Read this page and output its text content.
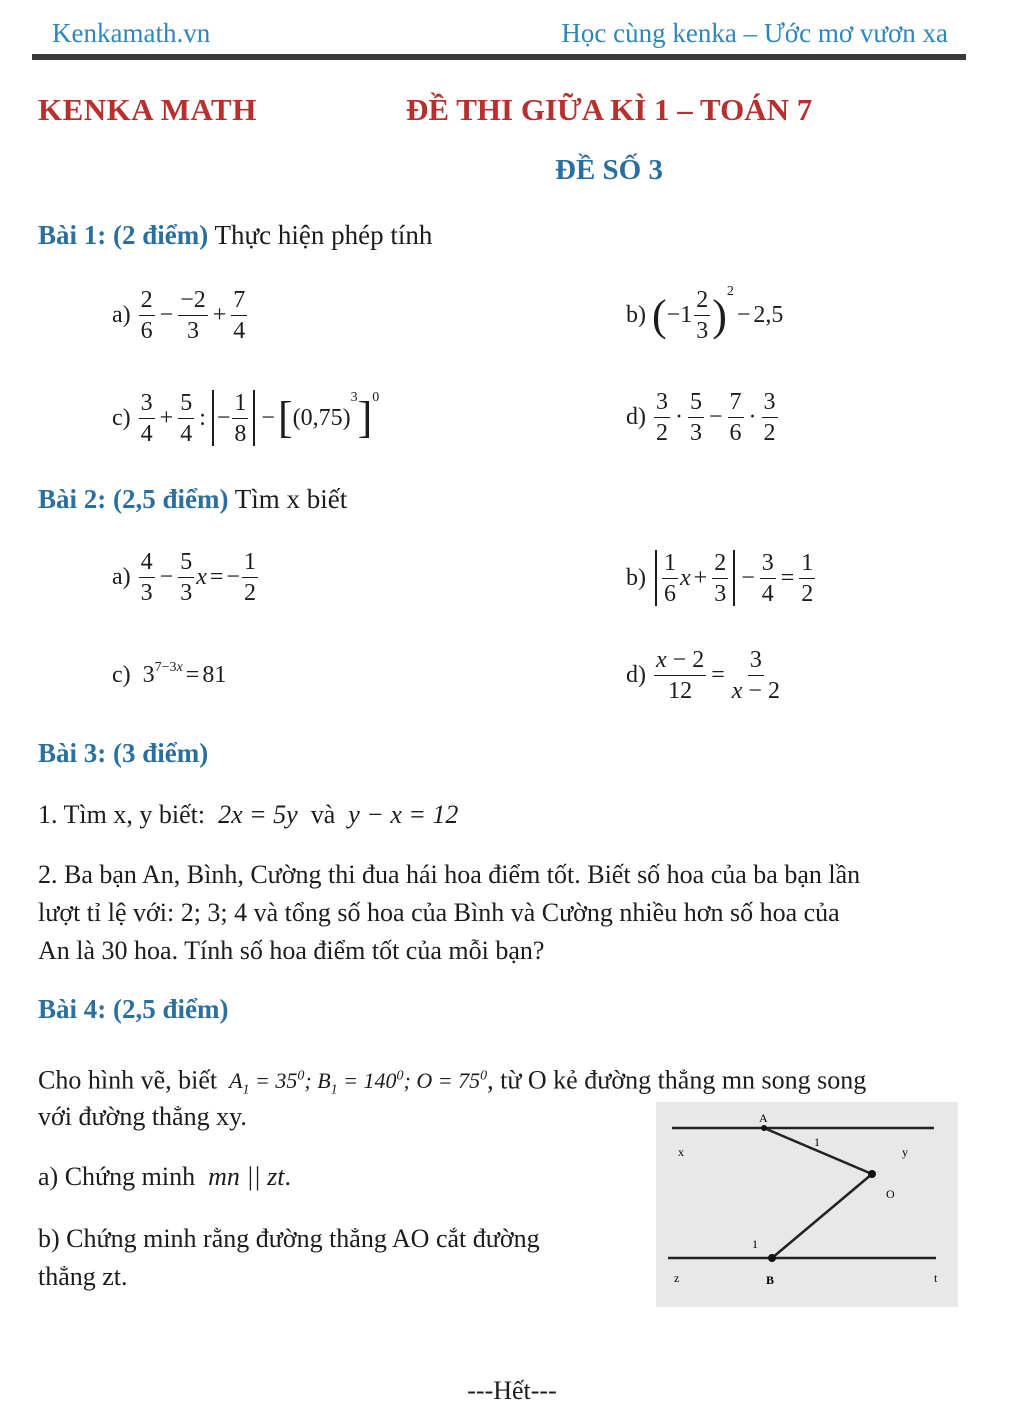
Kenkamath.vn	Học cùng kenka – Ước mơ vươn xa
KENKA MATH	ĐỀ THI GIỮA KÌ 1 – TOÁN 7
ĐỀ SỐ 3
Bài 1: (2 điểm) Thực hiện phép tính
a)
$\frac{2}{6} - \frac{-2}{3} + \frac{7}{4}$	b)
( $-1 \frac{2}{3} )^2$
− 2,5
c)
$\frac{3}{4} + \frac{5}{4}$ : − $\frac{1}{8}$ − [ (0,75)
$^3$ ]$^0$
d)
$\frac{3}{2} \cdot \frac{5}{3} - \frac{7}{6} \cdot \frac{3}{2}$
Bài 2: (2,5 điểm) Tìm x biết
a)
$\frac{4}{3} - \frac{5}{3}$ x = − $\frac{1}{2}$	b)
$\frac{1}{6}$ $x + \frac{2}{3} - \frac{3}{4} = \frac{1}{2}$
c) $3^{7-3x} = 81$	d)
$\frac{x - 2}{12} = \frac{3}{x - 2}$
Bài 3: (3 điểm)
1. Tìm x, y biết:  2x = 5y  và  y − x = 12
2. Ba bạn An, Bình, Cường thi đua hái hoa điểm tốt. Biết số hoa của ba bạn lần
lượt tỉ lệ với: 2; 3; 4 và tổng số hoa của Bình và Cường nhiều hơn số hoa của
An là 30 hoa. Tính số hoa điểm tốt của mỗi bạn?
Bài 4: (2,5 điểm)
Cho hình vẽ, biết  $A_1 = 35^0$; $B_1 = 140^0$; $O = 75^0$, từ O kẻ đường thẳng mn song song
với đường thẳng xy.
a) Chứng minh  mn || zt.
b) Chứng minh rằng đường thẳng AO cắt đường
thẳng zt.
A
B
O
x	y
z	t
1
1
---Hết---
